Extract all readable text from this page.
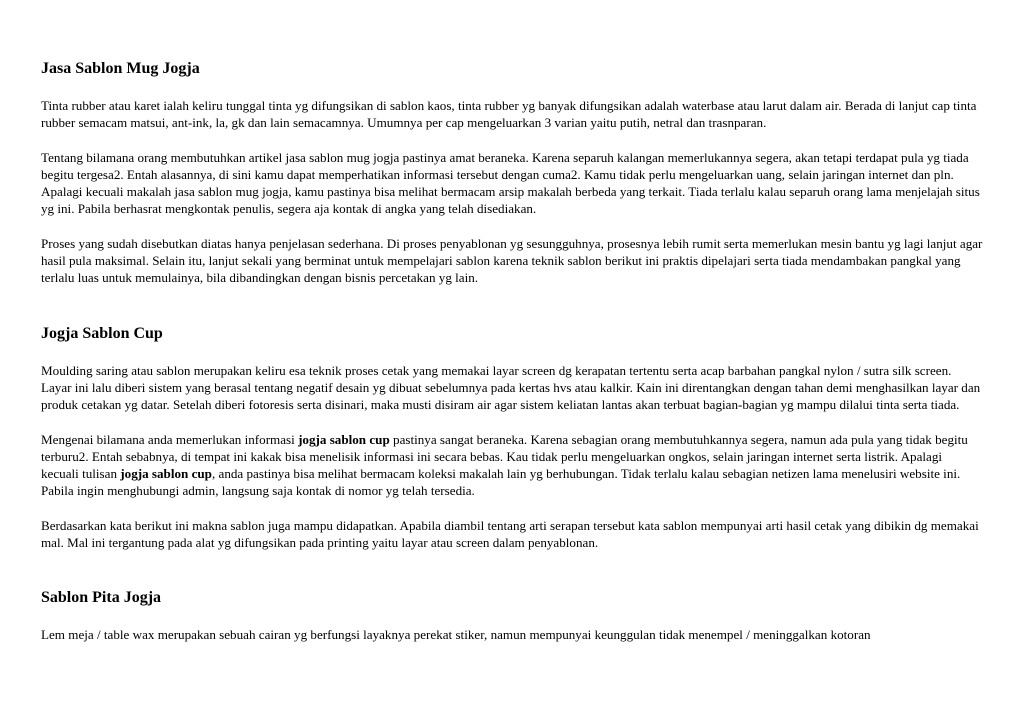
Jasa Sablon Mug Jogja

Tinta rubber atau karet ialah keliru tunggal tinta yg difungsikan di sablon kaos, tinta rubber yg banyak difungsikan adalah waterbase atau larut dalam air. Berada di lanjut cap tinta rubber semacam matsui, ant-ink, la, gk dan lain semacamnya. Umumnya per cap mengeluarkan 3 varian yaitu putih, netral dan trasnparan.

Tentang bilamana orang membutuhkan artikel jasa sablon mug jogja pastinya amat beraneka. Karena separuh kalangan memerlukannya segera, akan tetapi terdapat pula yg tiada begitu tergesa2. Entah alasannya, di sini kamu dapat memperhatikan informasi tersebut dengan cuma2. Kamu tidak perlu mengeluarkan uang, selain jaringan internet dan pln. Apalagi kecuali makalah jasa sablon mug jogja, kamu pastinya bisa melihat bermacam arsip makalah berbeda yang terkait. Tiada terlalu kalau separuh orang lama menjelajah situs yg ini. Pabila berhasrat mengkontak penulis, segera aja kontak di angka yang telah disediakan.

Proses yang sudah disebutkan diatas hanya penjelasan sederhana. Di proses penyablonan yg sesungguhnya, prosesnya lebih rumit serta memerlukan mesin bantu yg lagi lanjut agar hasil pula maksimal. Selain itu, lanjut sekali yang berminat untuk mempelajari sablon karena teknik sablon berikut ini praktis dipelajari serta tiada mendambakan pangkal yang terlalu luas untuk memulainya, bila dibandingkan dengan bisnis percetakan yg lain.

Jogja Sablon Cup

Moulding saring atau sablon merupakan keliru esa teknik proses cetak yang memakai layar screen dg kerapatan tertentu serta acap barbahan pangkal nylon / sutra silk screen. Layar ini lalu diberi sistem yang berasal tentang negatif desain yg dibuat sebelumnya pada kertas hvs atau kalkir. Kain ini direntangkan dengan tahan demi menghasilkan layar dan produk cetakan yg datar. Setelah diberi fotoresis serta disinari, maka musti disiram air agar sistem keliatan lantas akan terbuat bagian-bagian yg mampu dilalui tinta serta tiada.

Mengenai bilamana anda memerlukan informasi jogja sablon cup pastinya sangat beraneka. Karena sebagian orang membutuhkannya segera, namun ada pula yang tidak begitu terburu2. Entah sebabnya, di tempat ini kakak bisa menelisik informasi ini secara bebas. Kau tidak perlu mengeluarkan ongkos, selain jaringan internet serta listrik. Apalagi kecuali tulisan jogja sablon cup, anda pastinya bisa melihat bermacam koleksi makalah lain yg berhubungan. Tidak terlalu kalau sebagian netizen lama menelusiri website ini. Pabila ingin menghubungi admin, langsung saja kontak di nomor yg telah tersedia.

Berdasarkan kata berikut ini makna sablon juga mampu didapatkan. Apabila diambil tentang arti serapan tersebut kata sablon mempunyai arti hasil cetak yang dibikin dg memakai mal. Mal ini tergantung pada alat yg difungsikan pada printing yaitu layar atau screen dalam penyablonan.

Sablon Pita Jogja

Lem meja / table wax merupakan sebuah cairan yg berfungsi layaknya perekat stiker, namun mempunyai keunggulan tidak menempel / meninggalkan kotoran
